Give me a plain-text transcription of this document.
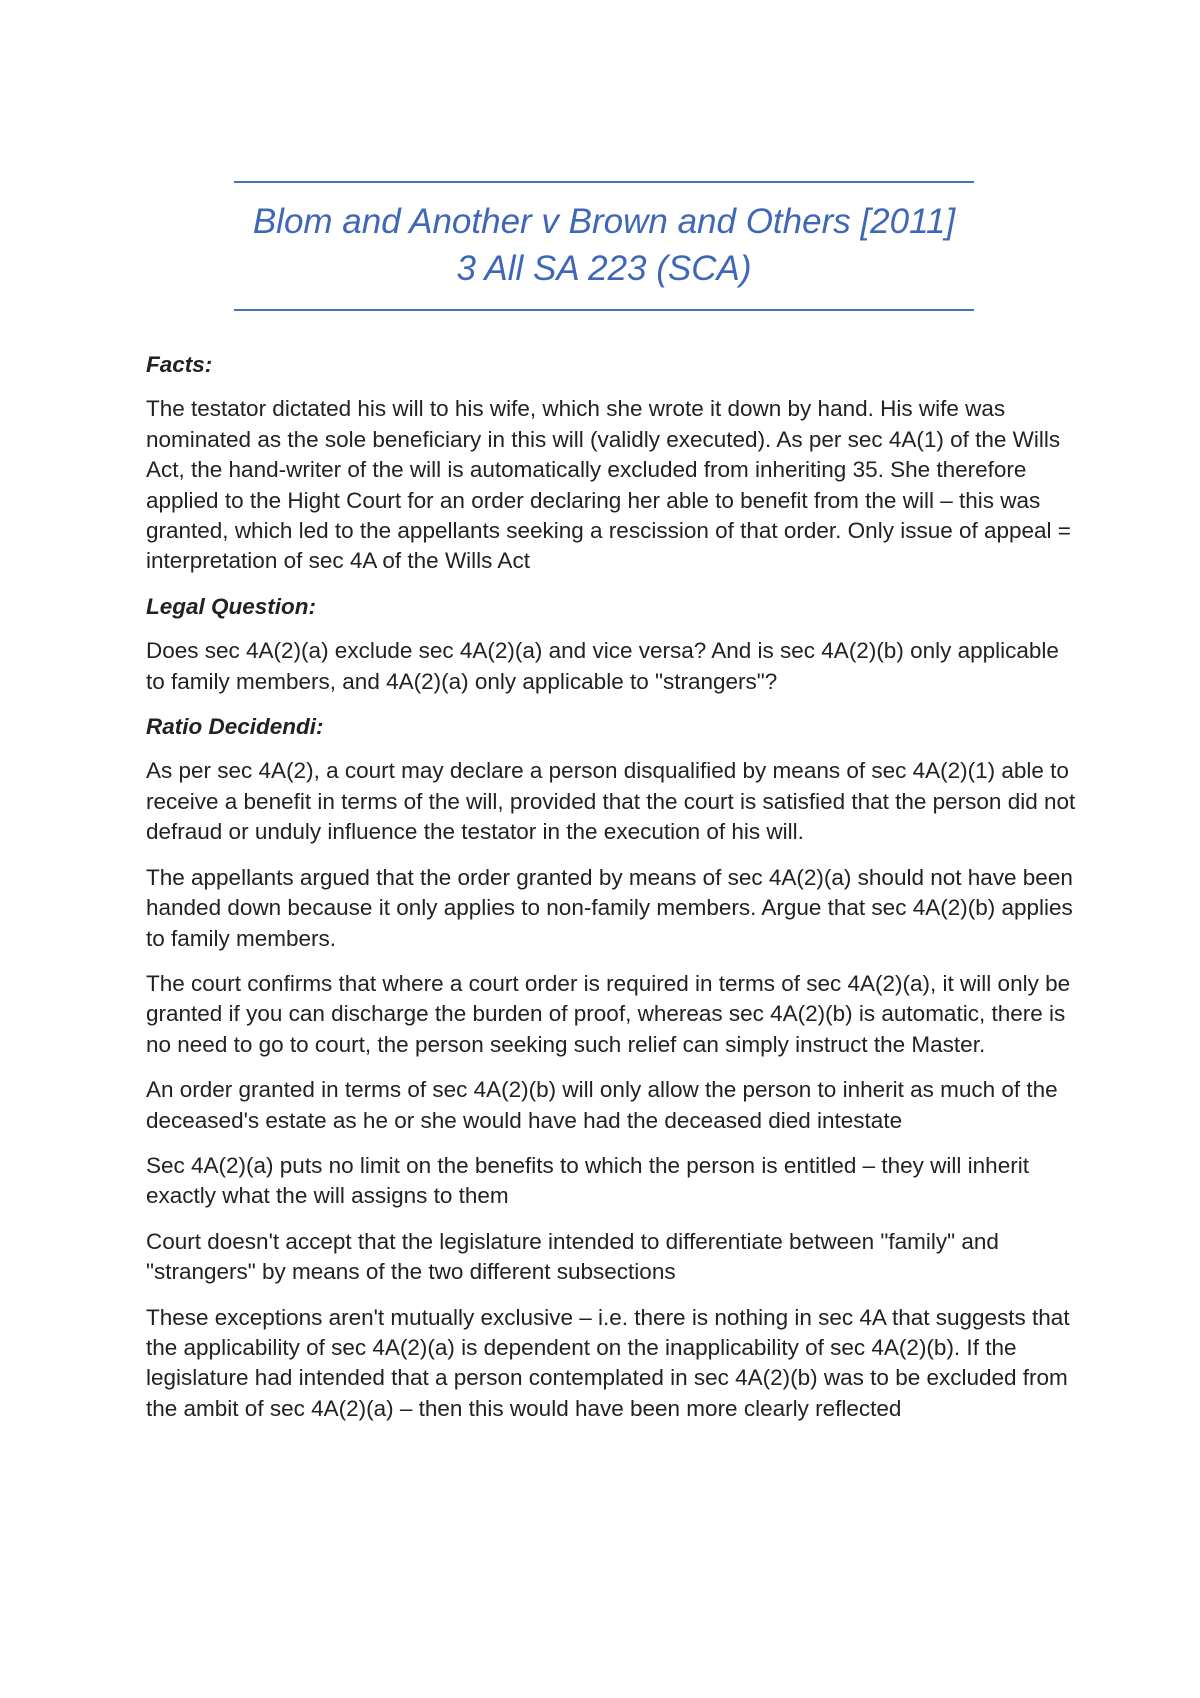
Blom and Another v Brown and Others [2011]
3 All SA 223 (SCA)

Facts:

The testator dictated his will to his wife, which she wrote it down by hand. His wife was nominated as the sole beneficiary in this will (validly executed). As per sec 4A(1) of the Wills Act, the hand-writer of the will is automatically excluded from inheriting 35. She therefore applied to the Hight Court for an order declaring her able to benefit from the will – this was granted, which led to the appellants seeking a rescission of that order. Only issue of appeal = interpretation of sec 4A of the Wills Act

Legal Question:

Does sec 4A(2)(a) exclude sec 4A(2)(a) and vice versa? And is sec 4A(2)(b) only applicable to family members, and 4A(2)(a) only applicable to "strangers"?

Ratio Decidendi:

As per sec 4A(2), a court may declare a person disqualified by means of sec 4A(2)(1) able to receive a benefit in terms of the will, provided that the court is satisfied that the person did not defraud or unduly influence the testator in the execution of his will.

The appellants argued that the order granted by means of sec 4A(2)(a) should not have been handed down because it only applies to non-family members. Argue that sec 4A(2)(b) applies to family members.

The court confirms that where a court order is required in terms of sec 4A(2)(a), it will only be granted if you can discharge the burden of proof, whereas sec 4A(2)(b) is automatic, there is no need to go to court, the person seeking such relief can simply instruct the Master.

An order granted in terms of sec 4A(2)(b) will only allow the person to inherit as much of the deceased's estate as he or she would have had the deceased died intestate

Sec 4A(2)(a) puts no limit on the benefits to which the person is entitled – they will inherit exactly what the will assigns to them

Court doesn't accept that the legislature intended to differentiate between "family" and "strangers" by means of the two different subsections

These exceptions aren't mutually exclusive – i.e. there is nothing in sec 4A that suggests that the applicability of sec 4A(2)(a) is dependent on the inapplicability of sec 4A(2)(b). If the legislature had intended that a person contemplated in sec 4A(2)(b) was to be excluded from the ambit of sec 4A(2)(a) – then this would have been more clearly reflected
